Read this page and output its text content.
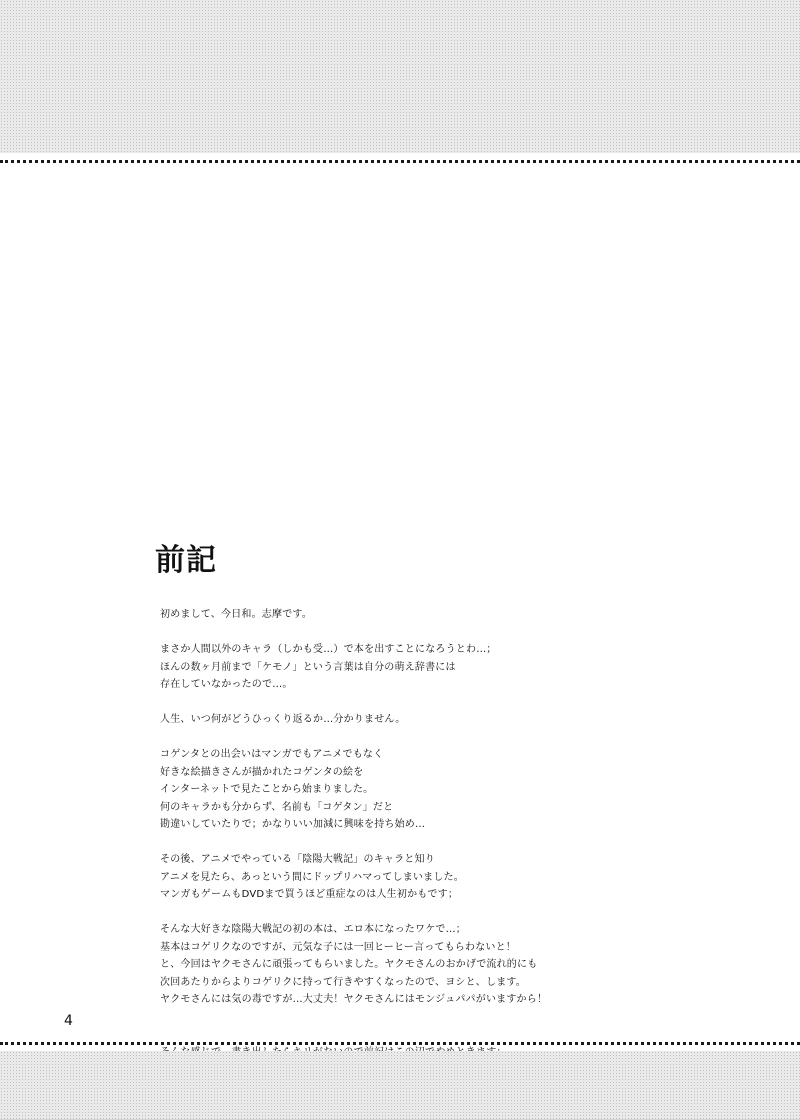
前記
初めまして、今日和。志摩です。
まさか人間以外のキャラ（しかも受…）で本を出すことになろうとわ…；
ほんの数ヶ月前まで「ケモノ」という言葉は自分の萌え辞書には
存在していなかったので…。
人生、いつ何がどうひっくり返るか…分かりません。
コゲンタとの出会いはマンガでもアニメでもなく
好きな絵描きさんが描かれたコゲンタの絵を
インターネットで見たことから始まりました。
何のキャラかも分からず、名前も「コゲタン」だと
勘違いしていたりで；かなりいい加減に興味を持ち始め…
その後、アニメでやっている「陰陽大戦記」のキャラと知り
アニメを見たら、あっという間にドップリハマってしまいました。
マンガもゲームもDVDまで買うほど重症なのは人生初かもです；
そんな大好きな陰陽大戦記の初の本は、エロ本になったワケで…；
基本はコゲリクなのですが、元気な子には一回ヒーヒー言ってもらわないと！
と、今回はヤクモさんに頑張ってもらいました。ヤクモさんのおかげで流れ的にも
次回あたりからよりコゲリクに持って行きやすくなったので、ヨシと、します。
ヤクモさんには気の毒ですが…大丈夫！ヤクモさんにはモンジュパパがいますから！
4
